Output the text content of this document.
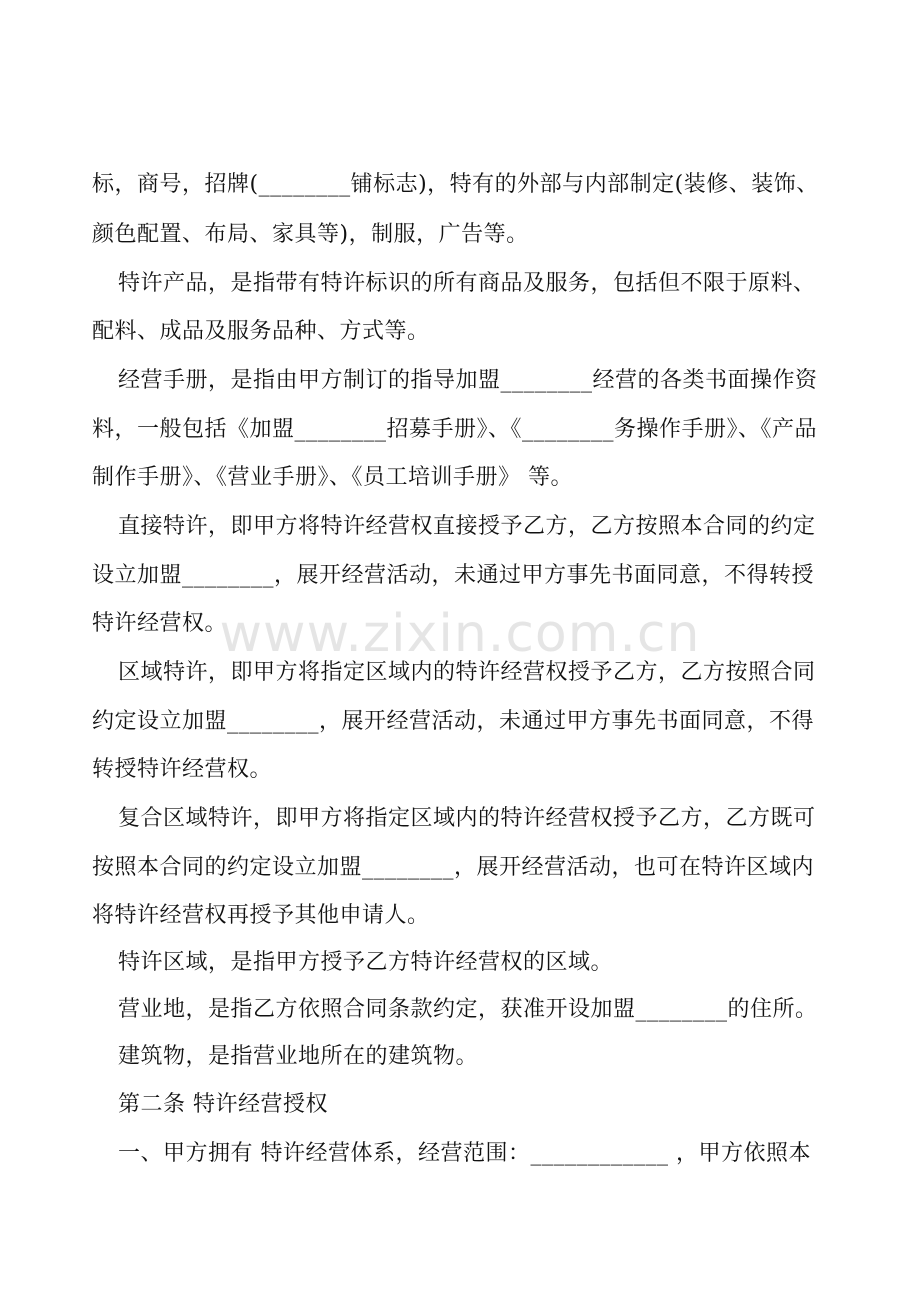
标，商号，招牌(________铺标志)，特有的外部与内部制定(装修、装饰、
颜色配置、布局、家具等)，制服，广告等。
特许产品，是指带有特许标识的所有商品及服务，包括但不限于原料、
配料、成品及服务品种、方式等。
经营手册，是指由甲方制订的指导加盟________经营的各类书面操作资
料，一般包括《加盟________招募手册》、《________务操作手册》、《产品
制作手册》、《营业手册》、《员工培训手册》 等。
直接特许，即甲方将特许经营权直接授予乙方，乙方按照本合同的约定
设立加盟________，展开经营活动，未通过甲方事先书面同意，不得转授
特许经营权。
区域特许，即甲方将指定区域内的特许经营权授予乙方，乙方按照合同
约定设立加盟________，展开经营活动，未通过甲方事先书面同意，不得
转授特许经营权。
复合区域特许，即甲方将指定区域内的特许经营权授予乙方，乙方既可
按照本合同的约定设立加盟________，展开经营活动，也可在特许区域内
将特许经营权再授予其他申请人。
特许区域，是指甲方授予乙方特许经营权的区域。
营业地，是指乙方依照合同条款约定，获准开设加盟________的住所。
建筑物，是指营业地所在的建筑物。
第二条 特许经营授权
一、甲方拥有 特许经营体系，经营范围：____________ ，甲方依照本
www.zixin.com.cn
